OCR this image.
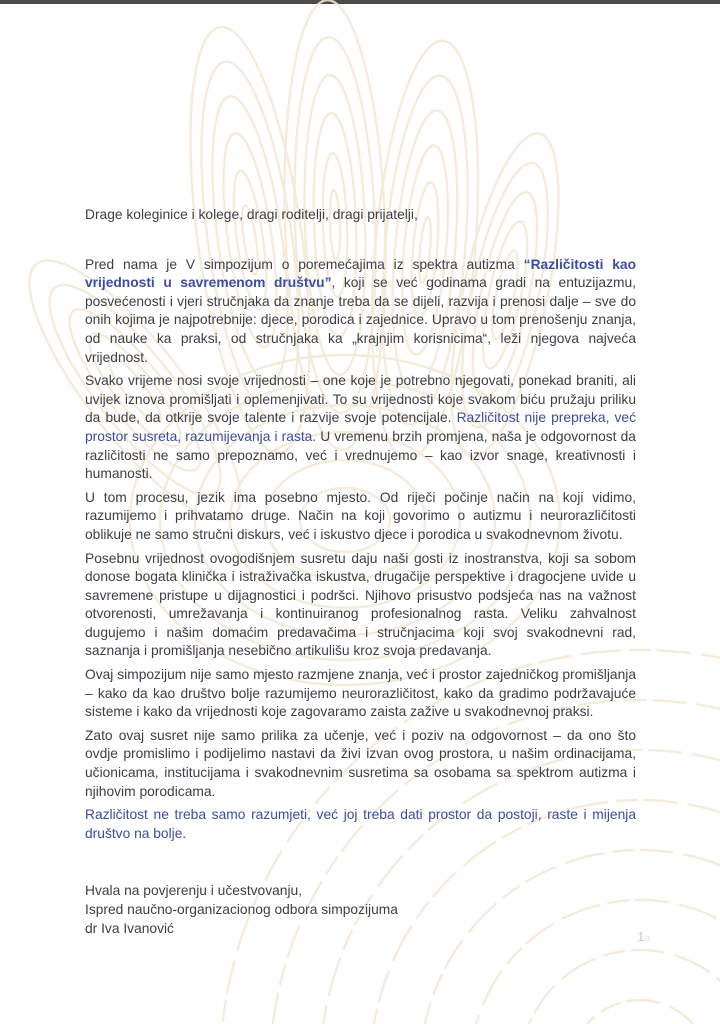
Drage koleginice i kolege, dragi roditelji, dragi prijatelji,

Pred nama je V simpozijum o poremećajima iz spektra autizma “Različitosti kao vrijednosti u savremenom društvu”, koji se već godinama gradi na entuzijazmu, posvećenosti i vjeri stručnjaka da znanje treba da se dijeli, razvija i prenosi dalje – sve do onih kojima je najpotrebnije: djece, porodica i zajednice. Upravo u tom prenošenju znanja, od nauke ka praksi, od stručnjaka ka „krajnjim korisnicima“, leži njegova najveća vrijednost.

Svako vrijeme nosi svoje vrijednosti – one koje je potrebno njegovati, ponekad braniti, ali uvijek iznova promišljati i oplemenjivati. To su vrijednosti koje svakom biću pružaju priliku da bude, da otkrije svoje talente i razvije svoje potencijale. Različitost nije prepreka, već prostor susreta, razumijevanja i rasta. U vremenu brzih promjena, naša je odgovornost da različitosti ne samo prepoznamo, već i vrednujemo – kao izvor snage, kreativnosti i humanosti.

U tom procesu, jezik ima posebno mjesto. Od riječi počinje način na koji vidimo, razumijemo i prihvatamo druge. Način na koji govorimo o autizmu i neurorazličitosti oblikuje ne samo stručni diskurs, već i iskustvo djece i porodica u svakodnevnom životu.

Posebnu vrijednost ovogodišnjem susretu daju naši gosti iz inostranstva, koji sa sobom donose bogata klinička i istraživačka iskustva, drugačije perspektive i dragocjene uvide u savremene pristupe u dijagnostici i podršci. Njihovo prisustvo podsjeća nas na važnost otvorenosti, umrežavanja i kontinuiranog profesionalnog rasta. Veliku zahvalnost dugujemo i našim domaćim predavačima i stručnjacima koji svoj svakodnevni rad, saznanja i promišljanja nesebično artikulišu kroz svoja predavanja.

Ovaj simpozijum nije samo mjesto razmjene znanja, već i prostor zajedničkog promišljanja – kako da kao društvo bolje razumijemo neurorazličitost, kako da gradimo podržavajuće sisteme i kako da vrijednosti koje zagovaramo zaista zažive u svakodnevnoj praksi.

Zato ovaj susret nije samo prilika za učenje, već i poziv na odgovornost – da ono što ovdje promislimo i podijelimo nastavi da živi izvan ovog prostora, u našim ordinacijama, učionicama, institucijama i svakodnevnim susretima sa osobama sa spektrom autizma i njihovim porodicama.

Različitost ne treba samo razumjeti, već joj treba dati prostor da postoji, raste i mijenja društvo na bolje.

Hvala na povjerenju i učestvovanju,
Ispred naučno-organizacionog odbora simpozijuma
dr Iva Ivanović
1a
